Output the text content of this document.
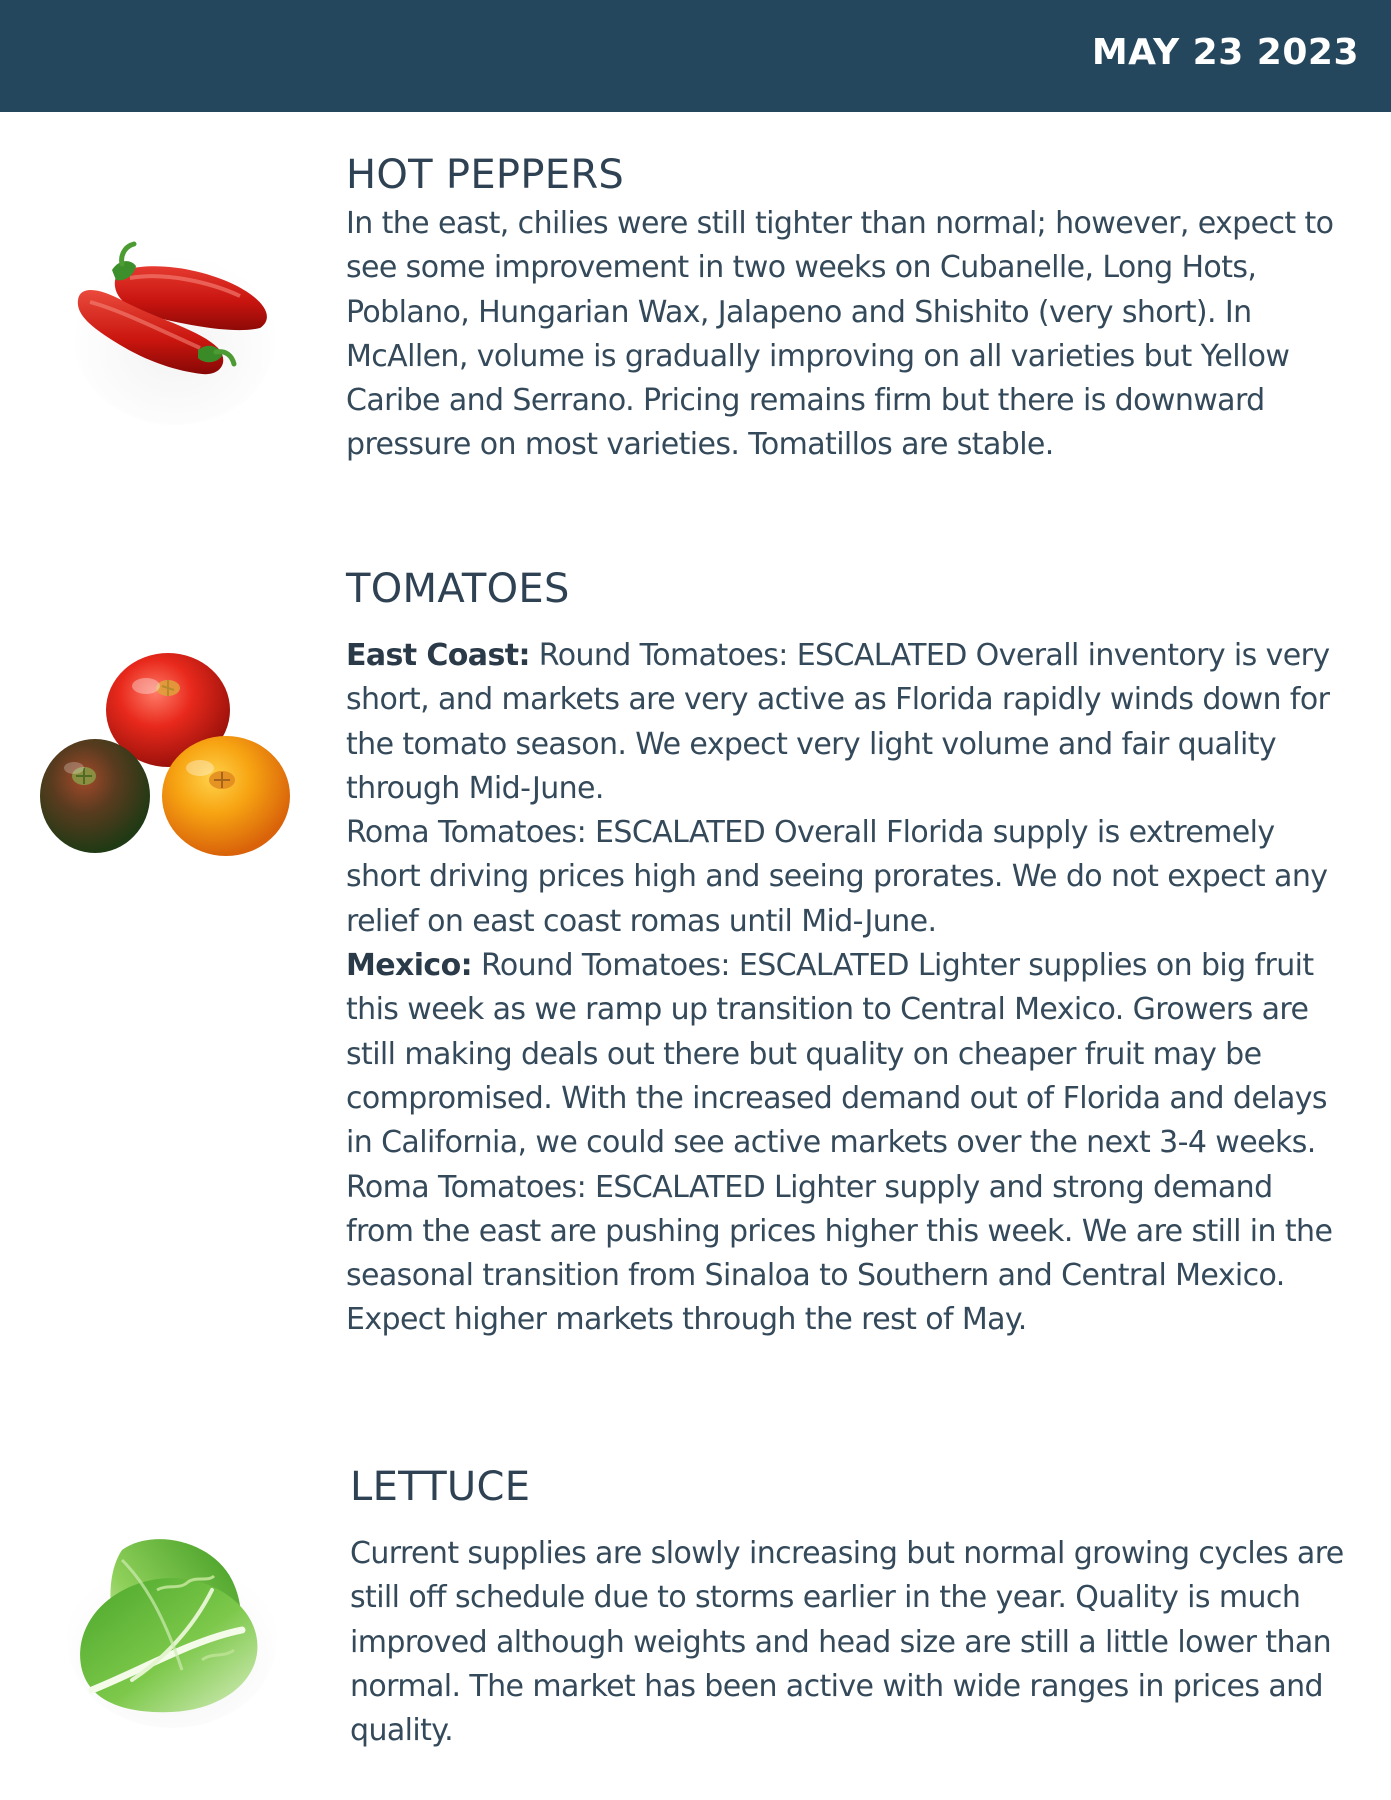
MAY 23 2023
HOT PEPPERS

In the east, chilies were still tighter than normal; however, expect to see some improvement in two weeks on Cubanelle, Long Hots, Poblano, Hungarian Wax, Jalapeno and Shishito (very short). In McAllen, volume is gradually improving on all varieties but Yellow Caribe and Serrano. Pricing remains firm but there is downward pressure on most varieties. Tomatillos are stable.

TOMATOES

East Coast: Round Tomatoes: ESCALATED Overall inventory is very short, and markets are very active as Florida rapidly winds down for the tomato season. We expect very light volume and fair quality through Mid-June.

Roma Tomatoes: ESCALATED Overall Florida supply is extremely short driving prices high and seeing prorates. We do not expect any relief on east coast romas until Mid-June.

Mexico: Round Tomatoes: ESCALATED Lighter supplies on big fruit this week as we ramp up transition to Central Mexico. Growers are still making deals out there but quality on cheaper fruit may be compromised. With the increased demand out of Florida and delays in California, we could see active markets over the next 3-4 weeks.

Roma Tomatoes: ESCALATED Lighter supply and strong demand from the east are pushing prices higher this week. We are still in the seasonal transition from Sinaloa to Southern and Central Mexico. Expect higher markets through the rest of May.

LETTUCE

Current supplies are slowly increasing but normal growing cycles are still off schedule due to storms earlier in the year. Quality is much improved although weights and head size are still a little lower than normal. The market has been active with wide ranges in prices and quality.
